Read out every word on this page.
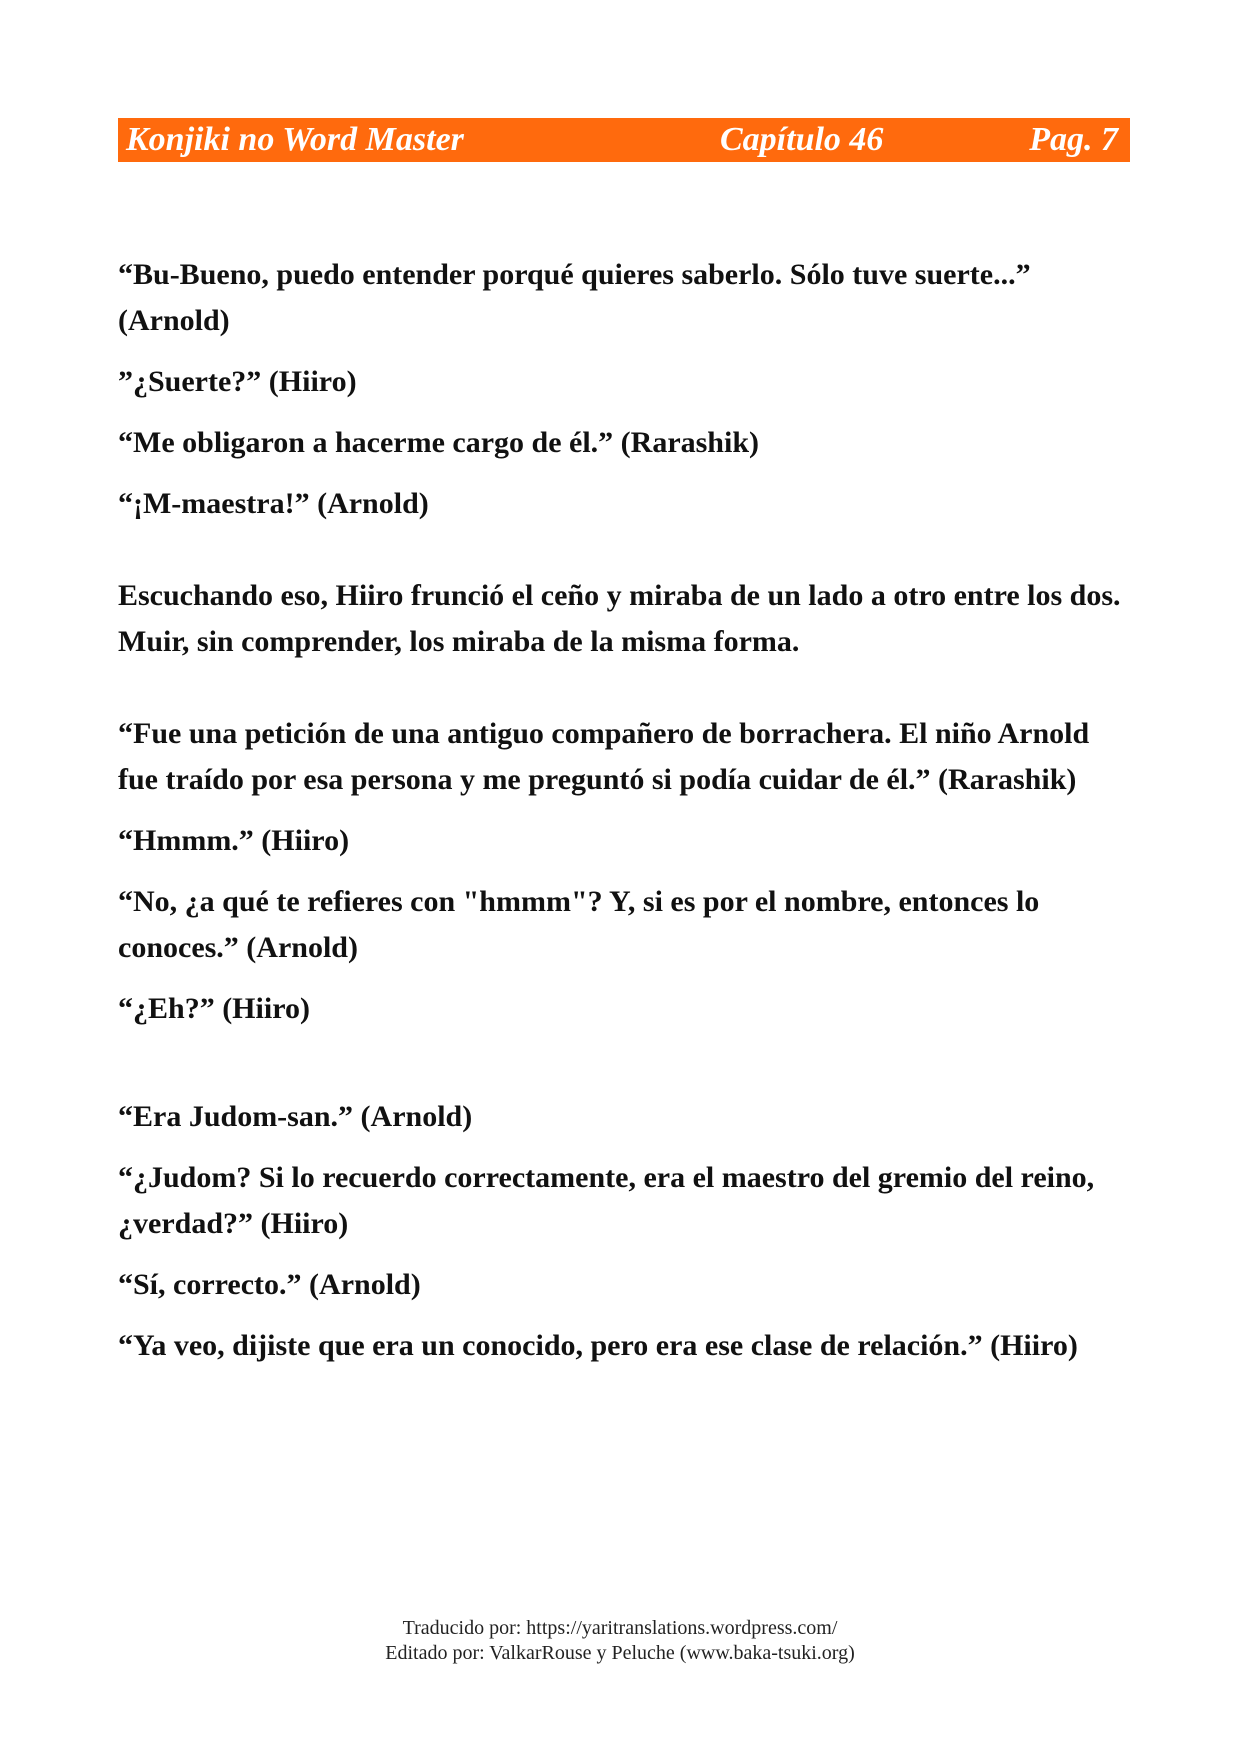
Konjiki no Word Master	Capítulo 46	Pag. 7

“Bu-Bueno, puedo entender porqué quieres saberlo. Sólo tuve suerte...” (Arnold)

”¿Suerte?” (Hiiro)

“Me obligaron a hacerme cargo de él.” (Rarashik)

“¡M-maestra!” (Arnold)

Escuchando eso, Hiiro frunció el ceño y miraba de un lado a otro entre los dos. Muir, sin comprender, los miraba de la misma forma.

“Fue una petición de una antiguo compañero de borrachera. El niño Arnold fue traído por esa persona y me preguntó si podía cuidar de él.” (Rarashik)

“Hmmm.” (Hiiro)

“No, ¿a qué te refieres con "hmmm"? Y, si es por el nombre, entonces lo conoces.” (Arnold)

“¿Eh?” (Hiiro)

“Era Judom-san.” (Arnold)

“¿Judom? Si lo recuerdo correctamente, era el maestro del gremio del reino, ¿verdad?” (Hiiro)

“Sí, correcto.” (Arnold)

“Ya veo, dijiste que era un conocido, pero era ese clase de relación.” (Hiiro)

Traducido por: https://yaritranslations.wordpress.com/
Editado por: ValkarRouse y Peluche (www.baka-tsuki.org)
